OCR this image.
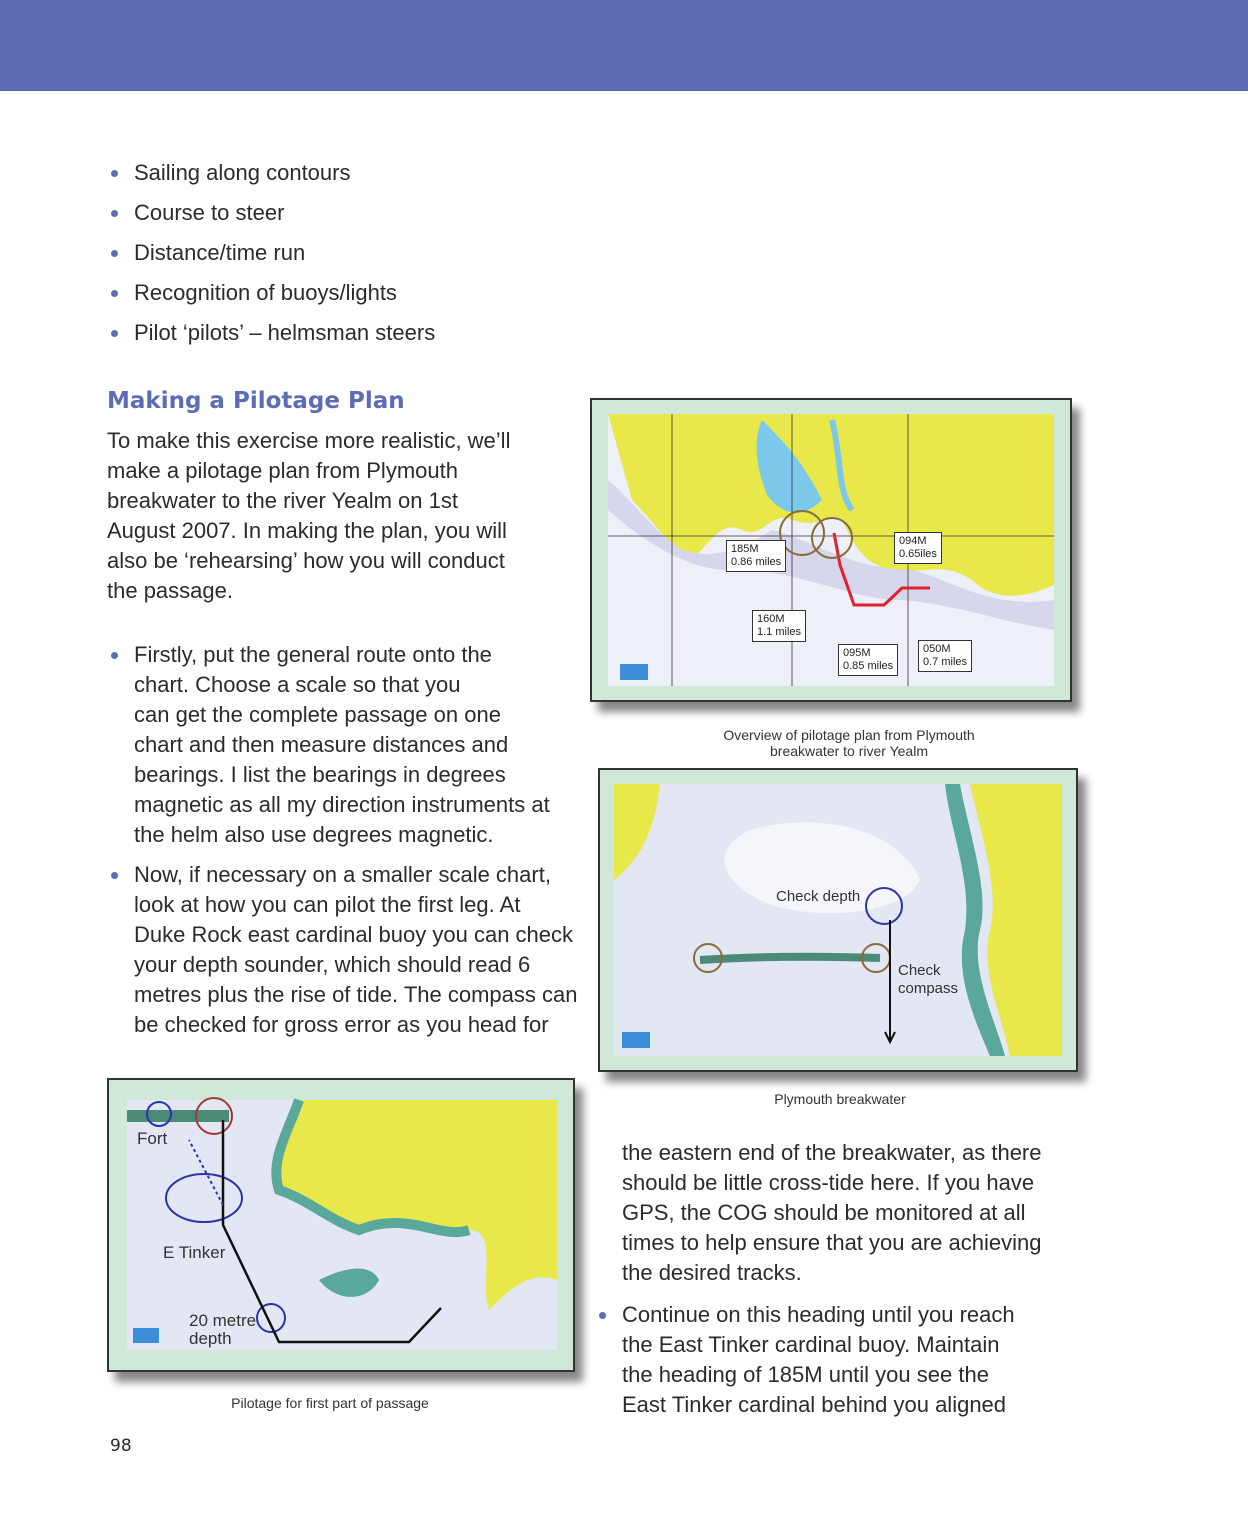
Sailing along contours
Course to steer
Distance/time run
Recognition of buoys/lights
Pilot ‘pilots’ – helmsman steers
Making a Pilotage Plan
To make this exercise more realistic, we’ll
make a pilotage plan from Plymouth
breakwater to the river Yealm on 1st
August 2007. In making the plan, you will
also be ‘rehearsing’ how you will conduct
the passage.
Firstly, put the general route onto the
chart. Choose a scale so that you
can get the complete passage on one
chart and then measure distances and
bearings. I list the bearings in degrees
magnetic as all my direction instruments at
the helm also use degrees magnetic.
Now, if necessary on a smaller scale chart,
look at how you can pilot the first leg. At
Duke Rock east cardinal buoy you can check
your depth sounder, which should read 6
metres plus the rise of tide. The compass can
be checked for gross error as you head for
the eastern end of the breakwater, as there
should be little cross-tide here. If you have
GPS, the COG should be monitored at all
times to help ensure that you are achieving
the desired tracks.
Continue on this heading until you reach
the East Tinker cardinal buoy. Maintain
the heading of 185M until you see the
East Tinker cardinal behind you aligned
185M
0.86 miles
094M
0.65iles
160M
1.1 miles
095M
0.85 miles
050M
0.7 miles
Overview of pilotage plan from Plymouth
breakwater to river Yealm
Check depth
Check
compass
Plymouth breakwater
Fort
E Tinker
20 metre
depth
Pilotage for first part of passage
98
